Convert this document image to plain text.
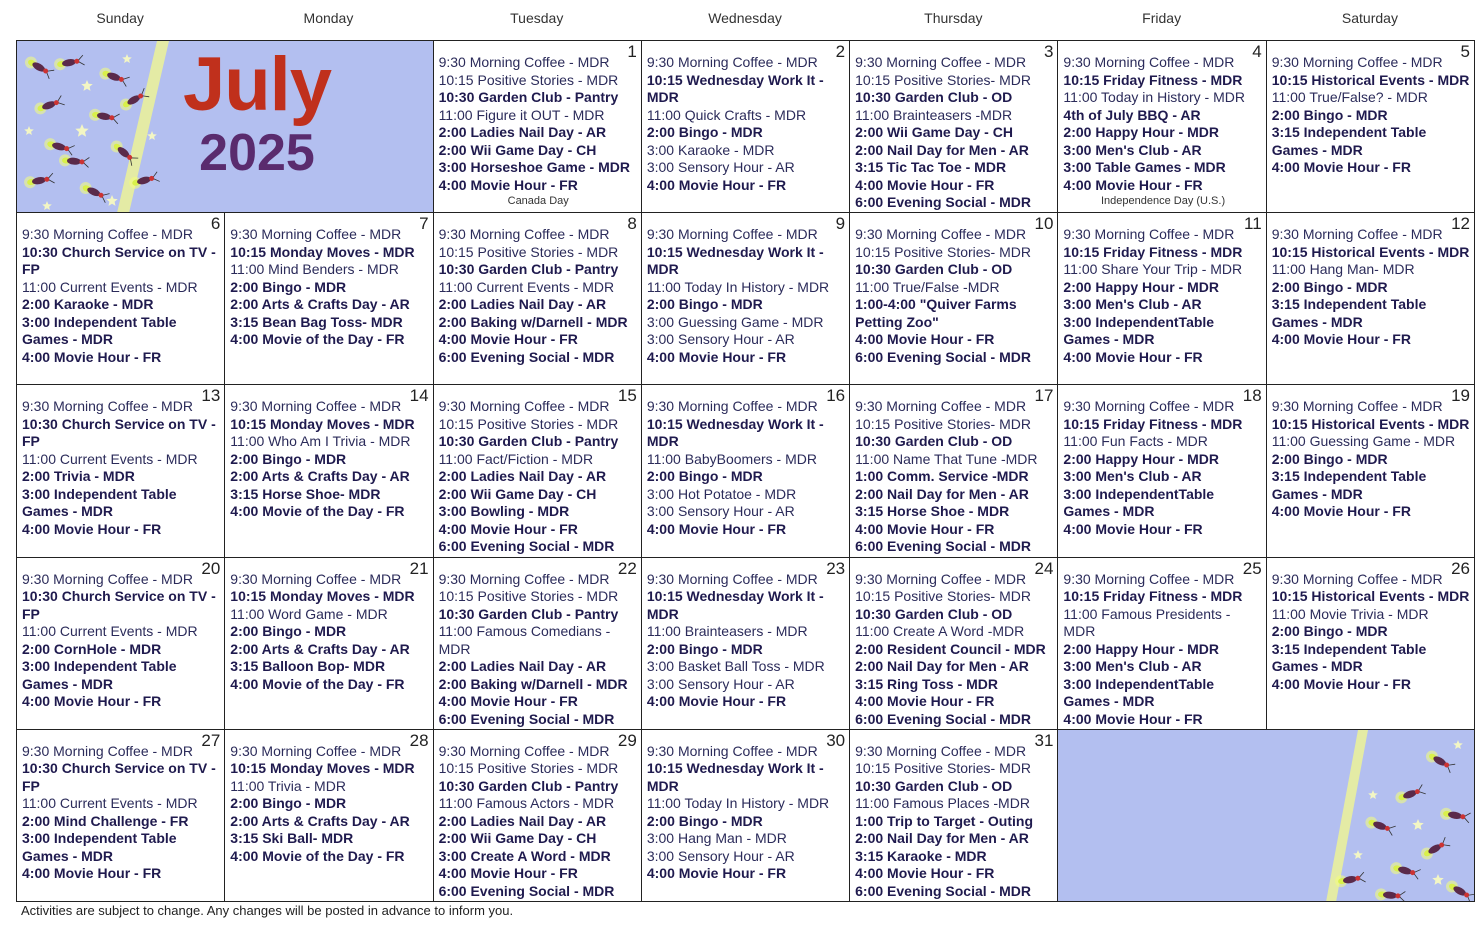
Sunday	Monday	Tuesday	Wednesday	Thursday	Friday	Saturday
July
2025
1
9:30 Morning Coffee - MDR
10:15 Positive Stories - MDR
10:30 Garden Club - Pantry
11:00 Figure it OUT - MDR
2:00 Ladies Nail Day - AR
2:00 Wii Game Day - CH
3:00 Horseshoe Game - MDR
4:00 Movie Hour - FR
Canada Day
2
9:30 Morning Coffee - MDR
10:15 Wednesday Work It - MDR
11:00 Quick Crafts - MDR
2:00 Bingo - MDR
3:00 Karaoke - MDR
3:00 Sensory Hour - AR
4:00 Movie Hour - FR
3
9:30 Morning Coffee - MDR
10:15 Positive Stories- MDR
10:30 Garden Club - OD
11:00 Brainteasers -MDR
2:00 Wii Game Day - CH
2:00 Nail Day for Men - AR
3:15 Tic Tac Toe - MDR
4:00 Movie Hour - FR
6:00 Evening Social - MDR
4
9:30 Morning Coffee - MDR
10:15 Friday Fitness - MDR
11:00 Today in History - MDR
4th of July BBQ - AR
2:00 Happy Hour - MDR
3:00 Men's Club - AR
3:00 Table Games - MDR
4:00 Movie Hour - FR
Independence Day (U.S.)
5
9:30 Morning Coffee - MDR
10:15 Historical Events - MDR
11:00 True/False? - MDR
2:00 Bingo - MDR
3:15 Independent Table Games - MDR
4:00 Movie Hour - FR
6
9:30 Morning Coffee - MDR
10:30 Church Service on TV - FP
11:00 Current Events - MDR
2:00 Karaoke - MDR
3:00 Independent Table Games - MDR
4:00 Movie Hour - FR
7
9:30 Morning Coffee - MDR
10:15 Monday Moves - MDR
11:00 Mind Benders - MDR
2:00 Bingo - MDR
2:00 Arts & Crafts Day - AR
3:15 Bean Bag Toss- MDR
4:00 Movie of the Day - FR
8
9:30 Morning Coffee - MDR
10:15 Positive Stories - MDR
10:30 Garden Club - Pantry
11:00 Current Events - MDR
2:00 Ladies Nail Day - AR
2:00 Baking w/Darnell - MDR
4:00 Movie Hour - FR
6:00 Evening Social - MDR
9
9:30 Morning Coffee - MDR
10:15 Wednesday Work It - MDR
11:00 Today In History - MDR
2:00 Bingo - MDR
3:00 Guessing Game - MDR
3:00 Sensory Hour - AR
4:00 Movie Hour - FR
10
9:30 Morning Coffee - MDR
10:15 Positive Stories- MDR
10:30 Garden Club - OD
11:00 True/False -MDR
1:00-4:00 "Quiver Farms Petting Zoo"
4:00 Movie Hour - FR
6:00 Evening Social - MDR
11
9:30 Morning Coffee - MDR
10:15 Friday Fitness - MDR
11:00 Share Your Trip - MDR
2:00 Happy Hour - MDR
3:00 Men's Club - AR
3:00 IndependentTable Games - MDR
4:00 Movie Hour - FR
12
9:30 Morning Coffee - MDR
10:15 Historical Events - MDR
11:00 Hang Man- MDR
2:00 Bingo - MDR
3:15 Independent Table Games - MDR
4:00 Movie Hour - FR
13
9:30 Morning Coffee - MDR
10:30 Church Service on TV - FP
11:00 Current Events - MDR
2:00 Trivia - MDR
3:00 Independent Table Games - MDR
4:00 Movie Hour - FR
14
9:30 Morning Coffee - MDR
10:15 Monday Moves - MDR
11:00 Who Am I Trivia - MDR
2:00 Bingo - MDR
2:00 Arts & Crafts Day - AR
3:15 Horse Shoe- MDR
4:00 Movie of the Day - FR
15
9:30 Morning Coffee - MDR
10:15 Positive Stories - MDR
10:30 Garden Club - Pantry
11:00 Fact/Fiction - MDR
2:00 Ladies Nail Day - AR
2:00 Wii Game Day - CH
3:00 Bowling - MDR
4:00 Movie Hour - FR
6:00 Evening Social - MDR
16
9:30 Morning Coffee - MDR
10:15 Wednesday Work It - MDR
11:00 BabyBoomers - MDR
2:00 Bingo - MDR
3:00 Hot Potatoe - MDR
3:00 Sensory Hour - AR
4:00 Movie Hour - FR
17
9:30 Morning Coffee - MDR
10:15 Positive Stories- MDR
10:30 Garden Club - OD
11:00 Name That Tune -MDR
1:00 Comm. Service -MDR
2:00 Nail Day for Men - AR
3:15 Horse Shoe - MDR
4:00 Movie Hour - FR
6:00 Evening Social - MDR
18
9:30 Morning Coffee - MDR
10:15 Friday Fitness - MDR
11:00 Fun Facts - MDR
2:00 Happy Hour - MDR
3:00 Men's Club - AR
3:00 IndependentTable Games - MDR
4:00 Movie Hour - FR
19
9:30 Morning Coffee - MDR
10:15 Historical Events - MDR
11:00 Guessing Game - MDR
2:00 Bingo - MDR
3:15 Independent Table Games - MDR
4:00 Movie Hour - FR
20
9:30 Morning Coffee - MDR
10:30 Church Service on TV - FP
11:00 Current Events - MDR
2:00 CornHole - MDR
3:00 Independent Table Games - MDR
4:00 Movie Hour - FR
21
9:30 Morning Coffee - MDR
10:15 Monday Moves - MDR
11:00 Word Game - MDR
2:00 Bingo - MDR
2:00 Arts & Crafts Day - AR
3:15 Balloon Bop- MDR
4:00 Movie of the Day - FR
22
9:30 Morning Coffee - MDR
10:15 Positive Stories - MDR
10:30 Garden Club - Pantry
11:00 Famous Comedians - MDR
2:00 Ladies Nail Day - AR
2:00 Baking w/Darnell - MDR
4:00 Movie Hour - FR
6:00 Evening Social - MDR
23
9:30 Morning Coffee - MDR
10:15 Wednesday Work It - MDR
11:00 Brainteasers - MDR
2:00 Bingo - MDR
3:00 Basket Ball Toss - MDR
3:00 Sensory Hour - AR
4:00 Movie Hour - FR
24
9:30 Morning Coffee - MDR
10:15 Positive Stories- MDR
10:30 Garden Club - OD
11:00 Create A Word -MDR
2:00 Resident Council - MDR
2:00 Nail Day for Men - AR
3:15 Ring Toss - MDR
4:00 Movie Hour - FR
6:00 Evening Social - MDR
25
9:30 Morning Coffee - MDR
10:15 Friday Fitness - MDR
11:00 Famous Presidents - MDR
2:00 Happy Hour - MDR
3:00 Men's Club - AR
3:00 IndependentTable Games - MDR
4:00 Movie Hour - FR
26
9:30 Morning Coffee - MDR
10:15 Historical Events - MDR
11:00 Movie Trivia - MDR
2:00 Bingo - MDR
3:15 Independent Table Games - MDR
4:00 Movie Hour - FR
27
9:30 Morning Coffee - MDR
10:30 Church Service on TV - FP
11:00 Current Events - MDR
2:00 Mind Challenge - FR
3:00 Independent Table Games - MDR
4:00 Movie Hour - FR
28
9:30 Morning Coffee - MDR
10:15 Monday Moves - MDR
11:00 Trivia - MDR
2:00 Bingo - MDR
2:00 Arts & Crafts Day - AR
3:15 Ski Ball- MDR
4:00 Movie of the Day - FR
29
9:30 Morning Coffee - MDR
10:15 Positive Stories - MDR
10:30 Garden Club - Pantry
11:00 Famous Actors - MDR
2:00 Ladies Nail Day - AR
2:00 Wii Game Day - CH
3:00 Create A Word - MDR
4:00 Movie Hour - FR
6:00 Evening Social - MDR
30
9:30 Morning Coffee - MDR
10:15 Wednesday Work It - MDR
11:00 Today In History - MDR
2:00 Bingo - MDR
3:00 Hang Man - MDR
3:00 Sensory Hour - AR
4:00 Movie Hour - FR
31
9:30 Morning Coffee - MDR
10:15 Positive Stories- MDR
10:30 Garden Club - OD
11:00 Famous Places -MDR
1:00 Trip to Target - Outing
2:00 Nail Day for Men - AR
3:15 Karaoke - MDR
4:00 Movie Hour - FR
6:00 Evening Social - MDR
Activities are subject to change. Any changes will be posted in advance to inform you.
